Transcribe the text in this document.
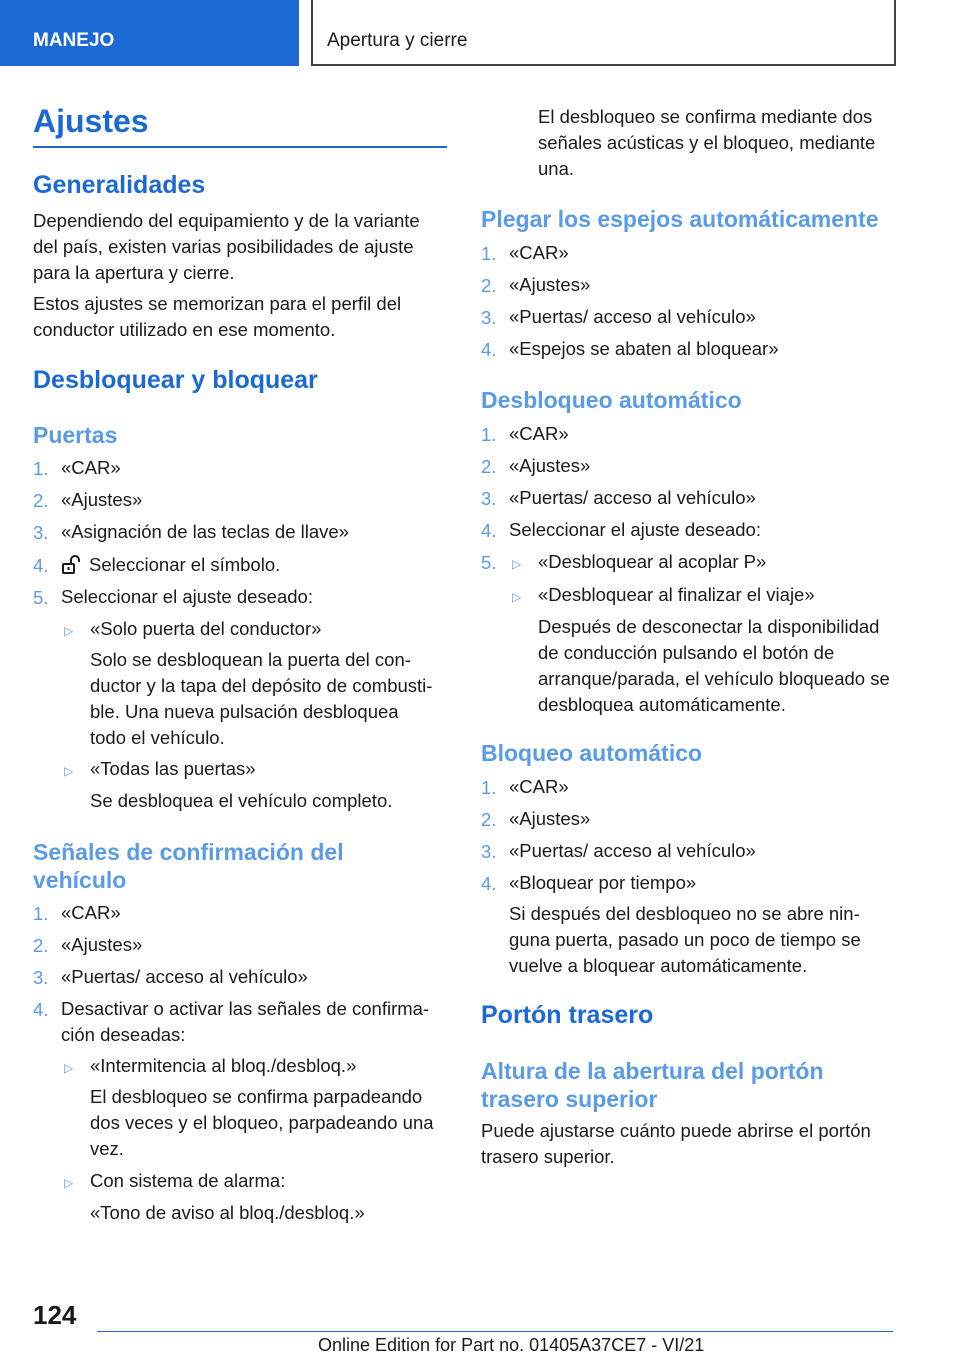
MANEJO	Apertura y cierre
Ajustes
Generalidades
Dependiendo del equipamiento y de la variante
del país, existen varias posibilidades de ajuste
para la apertura y cierre.
Estos ajustes se memorizan para el perfil del
conductor utilizado en ese momento.
Desbloquear y bloquear
Puertas
1. «CAR»
2. «Ajustes»
3. «Asignación de las teclas de llave»
4.	Seleccionar el símbolo.
5. Seleccionar el ajuste deseado:
▷ «Solo puerta del conductor»
Solo se desbloquean la puerta del con-
ductor y la tapa del depósito de combusti-
ble. Una nueva pulsación desbloquea
todo el vehículo.
▷ «Todas las puertas»
Se desbloquea el vehículo completo.
Señales de confirmación del
vehículo
1. «CAR»
2. «Ajustes»
3. «Puertas/ acceso al vehículo»
4. Desactivar o activar las señales de confirma-
ción deseadas:
▷ «Intermitencia al bloq./desbloq.»
El desbloqueo se confirma parpadeando
dos veces y el bloqueo, parpadeando una
vez.
▷ Con sistema de alarma:
«Tono de aviso al bloq./desbloq.»
El desbloqueo se confirma mediante dos
señales acústicas y el bloqueo, mediante
una.
Plegar los espejos automáticamente
1. «CAR»
2. «Ajustes»
3. «Puertas/ acceso al vehículo»
4. «Espejos se abaten al bloquear»
Desbloqueo automático
1. «CAR»
2. «Ajustes»
3. «Puertas/ acceso al vehículo»
4. Seleccionar el ajuste deseado:
5. ▷ «Desbloquear al acoplar P»
▷ «Desbloquear al finalizar el viaje»
Después de desconectar la disponibilidad
de conducción pulsando el botón de
arranque/parada, el vehículo bloqueado se
desbloquea automáticamente.
Bloqueo automático
1. «CAR»
2. «Ajustes»
3. «Puertas/ acceso al vehículo»
4. «Bloquear por tiempo»
Si después del desbloqueo no se abre nin-
guna puerta, pasado un poco de tiempo se
vuelve a bloquear automáticamente.
Portón trasero
Altura de la abertura del portón
trasero superior
Puede ajustarse cuánto puede abrirse el portón
trasero superior.
124
Online Edition for Part no. 01405A37CE7 - VI/21
